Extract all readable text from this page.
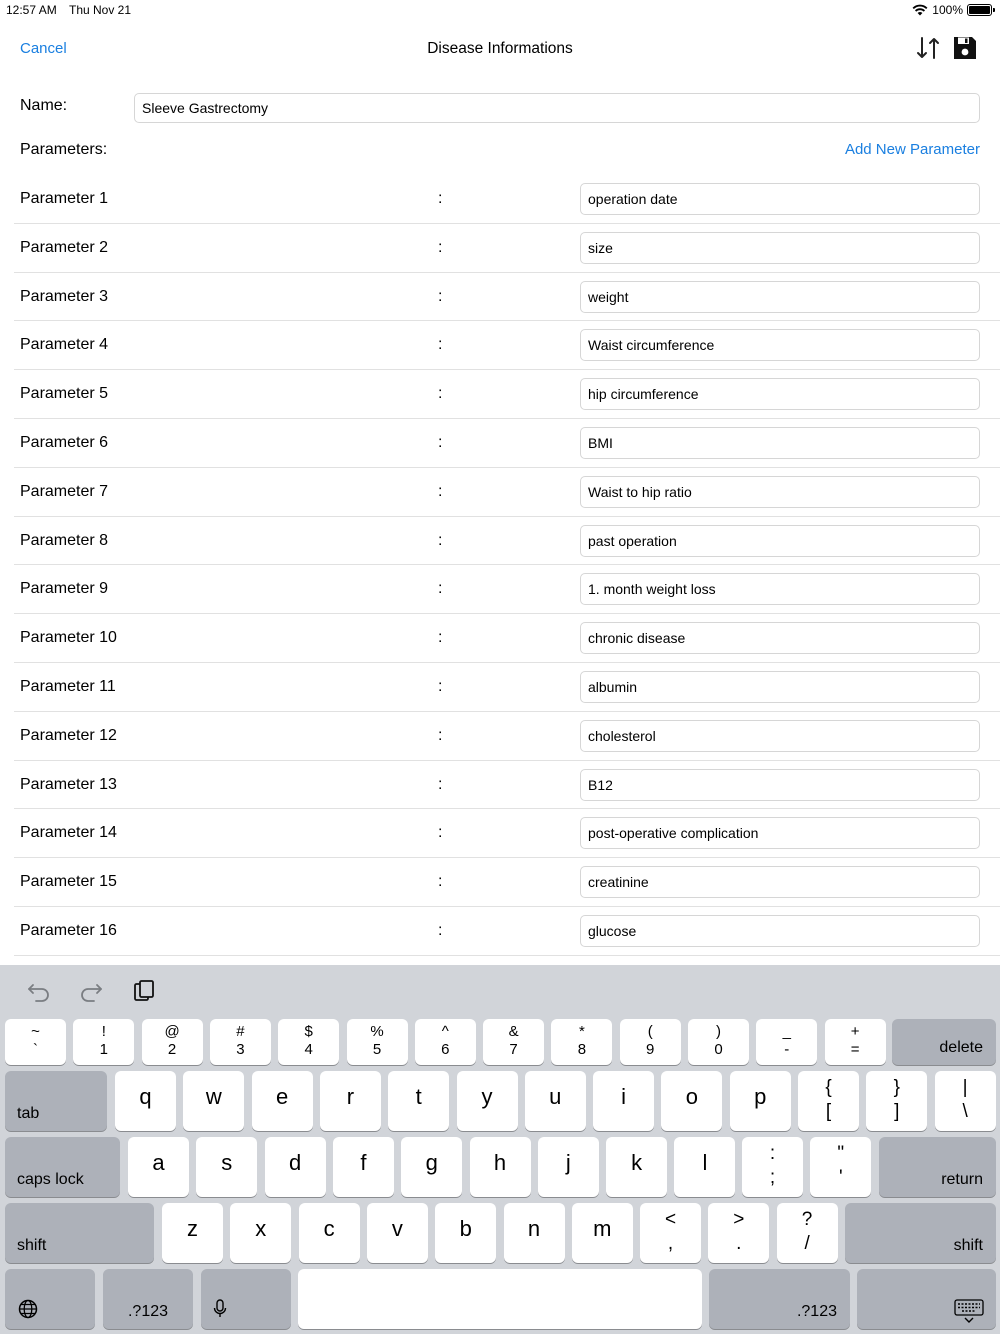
12:57 AM Thu Nov 21	100%
Cancel	Disease Informations
Name:	Sleeve Gastrectomy
Parameters:	Add New Parameter
Parameter 1	:	operation date
Parameter 2	:	size
Parameter 3	:	weight
Parameter 4	:	Waist circumference
Parameter 5	:	hip circumference
Parameter 6	:	BMI
Parameter 7	:	Waist to hip ratio
Parameter 8	:	past operation
Parameter 9	:	1. month weight loss
Parameter 10	:	chronic disease
Parameter 11	:	albumin
Parameter 12	:	cholesterol
Parameter 13	:	B12
Parameter 14	:	post-operative complication
Parameter 15	:	creatinine
Parameter 16	:	glucose
~
`
!
1
@
2
#
3
$
4
%
5
^
6
&
7
*
8
(
9
)
0
_
-
+
=	delete
tab
q	w	e	r	t	y	u	i	o	p	{
[
}
]
|
\
caps lock
a	s	d	f	g	h	j	k	l	:
;
"
'	return
shift
z	x	c	v	b	n	m	<
,
>
.
?
/	shift
.?123	.?123
